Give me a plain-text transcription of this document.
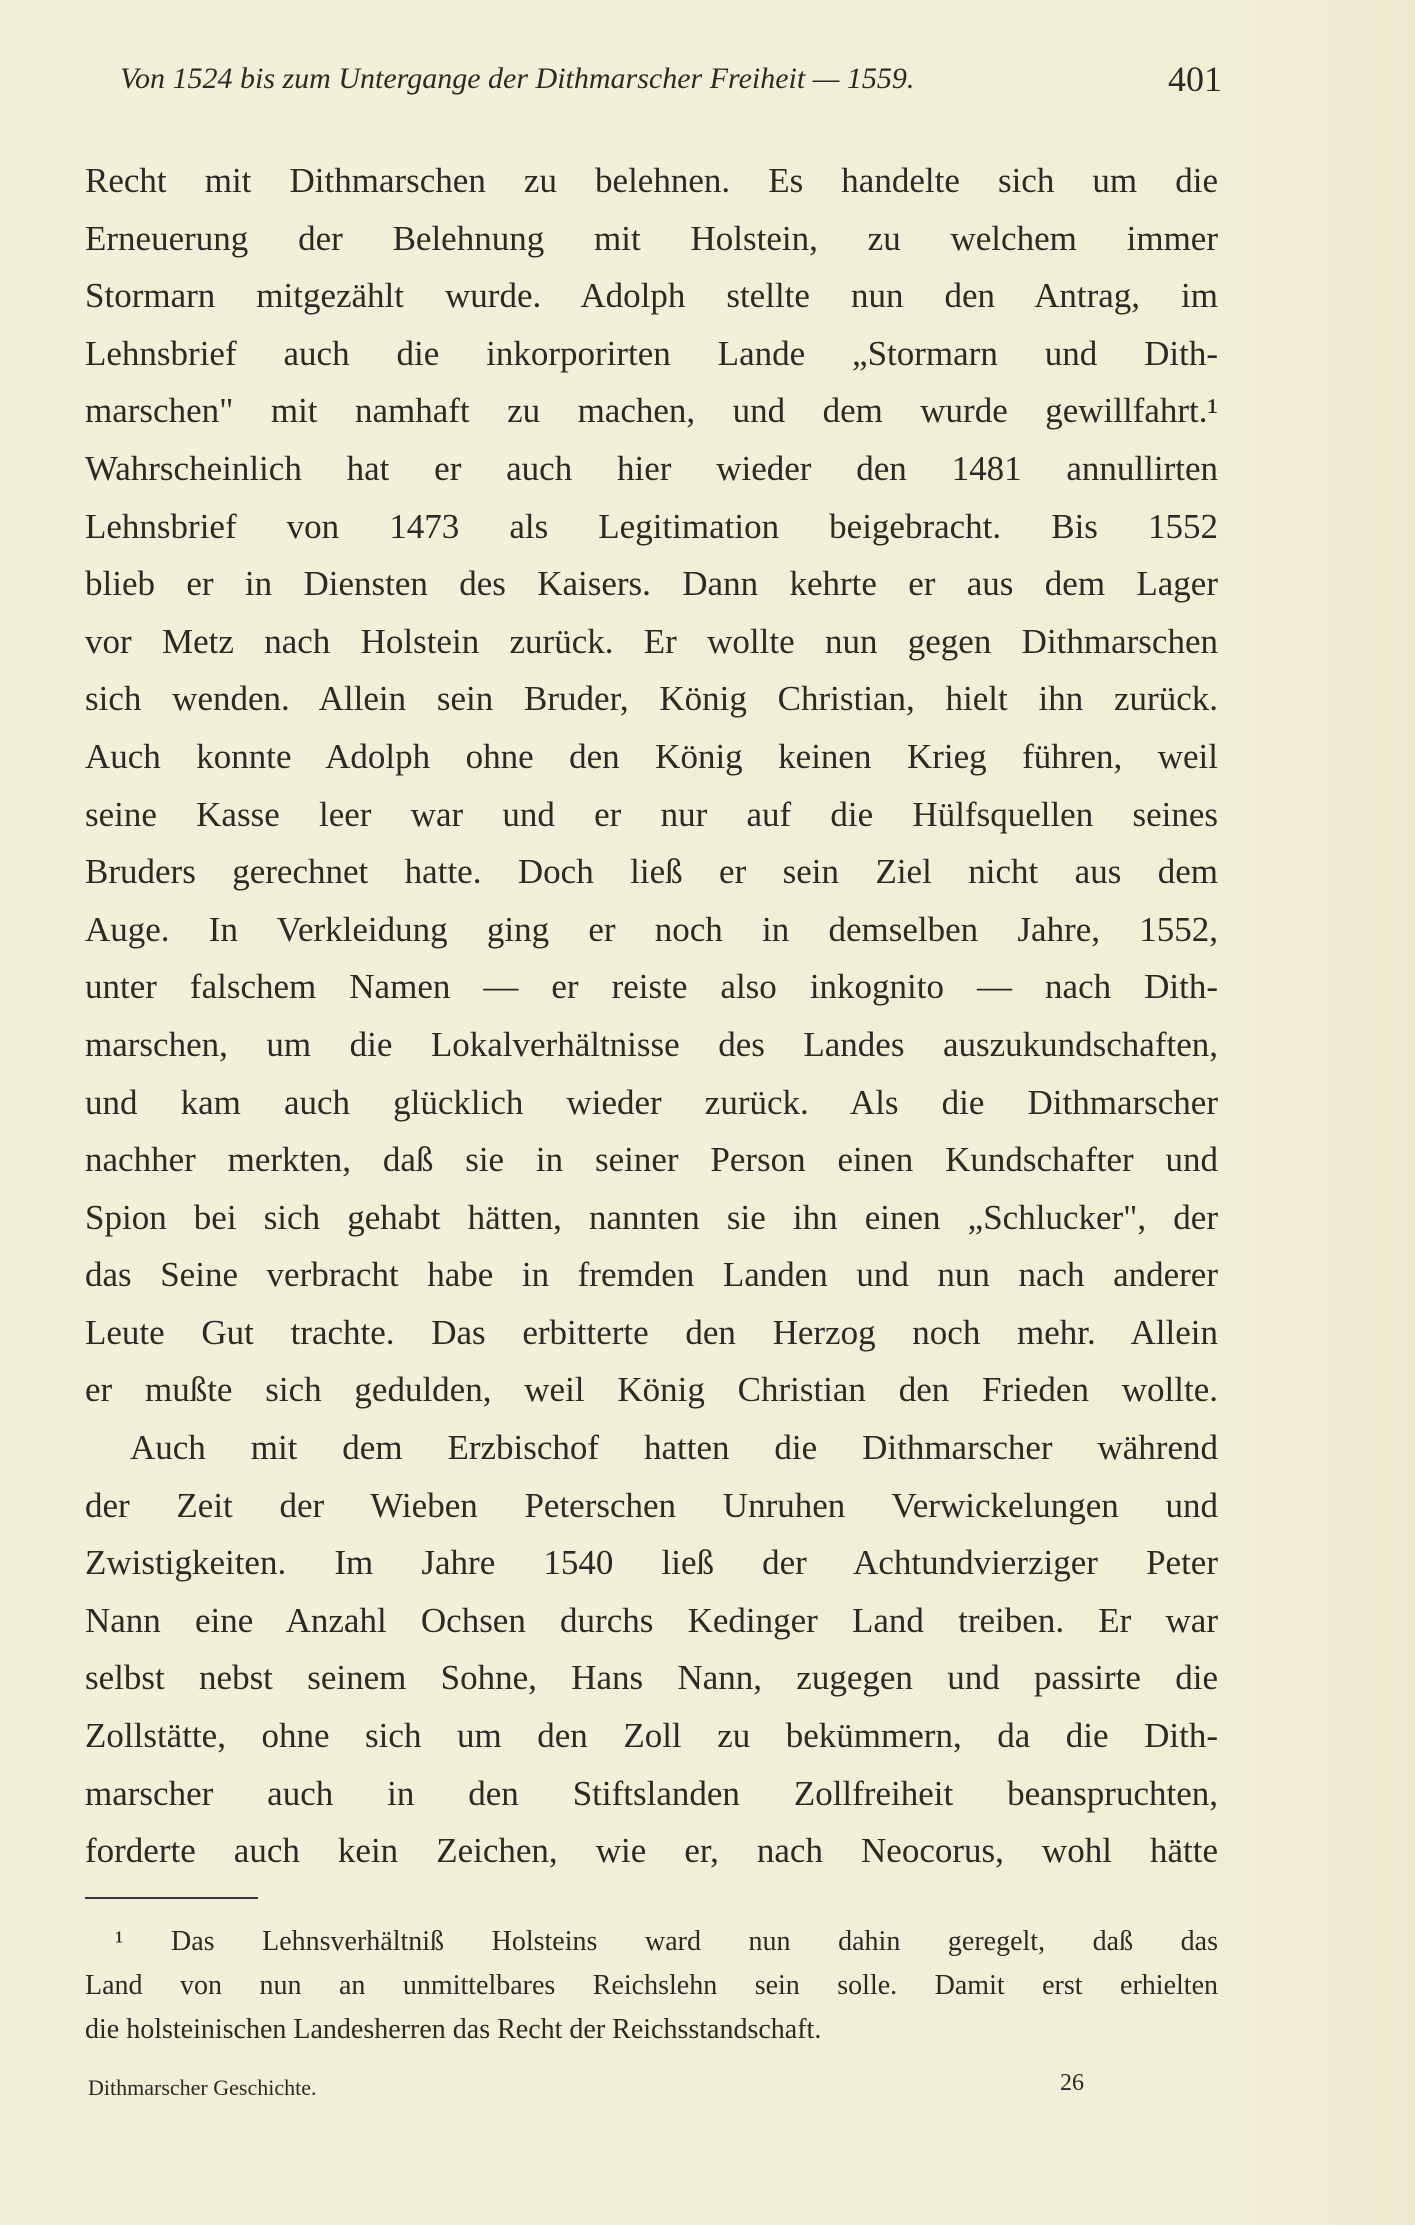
Von 1524 bis zum Untergange der Dithmarscher Freiheit — 1559.	401
Recht mit Dithmarschen zu belehnen. Es handelte sich um die
Erneuerung der Belehnung mit Holstein, zu welchem immer
Stormarn mitgezählt wurde. Adolph stellte nun den Antrag, im
Lehnsbrief auch die inkorporirten Lande „Stormarn und Dith-
marschen" mit namhaft zu machen, und dem wurde gewillfahrt.¹
Wahrscheinlich hat er auch hier wieder den 1481 annullirten
Lehnsbrief von 1473 als Legitimation beigebracht. Bis 1552
blieb er in Diensten des Kaisers. Dann kehrte er aus dem Lager
vor Metz nach Holstein zurück. Er wollte nun gegen Dithmarschen
sich wenden. Allein sein Bruder, König Christian, hielt ihn zurück.
Auch konnte Adolph ohne den König keinen Krieg führen, weil
seine Kasse leer war und er nur auf die Hülfsquellen seines
Bruders gerechnet hatte. Doch ließ er sein Ziel nicht aus dem
Auge. In Verkleidung ging er noch in demselben Jahre, 1552,
unter falschem Namen — er reiste also inkognito — nach Dith-
marschen, um die Lokalverhältnisse des Landes auszukundschaften,
und kam auch glücklich wieder zurück. Als die Dithmarscher
nachher merkten, daß sie in seiner Person einen Kundschafter und
Spion bei sich gehabt hätten, nannten sie ihn einen „Schlucker", der
das Seine verbracht habe in fremden Landen und nun nach anderer
Leute Gut trachte. Das erbitterte den Herzog noch mehr. Allein
er mußte sich gedulden, weil König Christian den Frieden wollte.
Auch mit dem Erzbischof hatten die Dithmarscher während
der Zeit der Wieben Peterschen Unruhen Verwickelungen und
Zwistigkeiten. Im Jahre 1540 ließ der Achtundvierziger Peter
Nann eine Anzahl Ochsen durchs Kedinger Land treiben. Er war
selbst nebst seinem Sohne, Hans Nann, zugegen und passirte die
Zollstätte, ohne sich um den Zoll zu bekümmern, da die Dith-
marscher auch in den Stiftslanden Zollfreiheit beanspruchten,
forderte auch kein Zeichen, wie er, nach Neocorus, wohl hätte
¹ Das Lehnsverhältniß Holsteins ward nun dahin geregelt, daß das
Land von nun an unmittelbares Reichslehn sein solle. Damit erst erhielten
die holsteinischen Landesherren das Recht der Reichsstandschaft.
Dithmarscher Geschichte.	26
